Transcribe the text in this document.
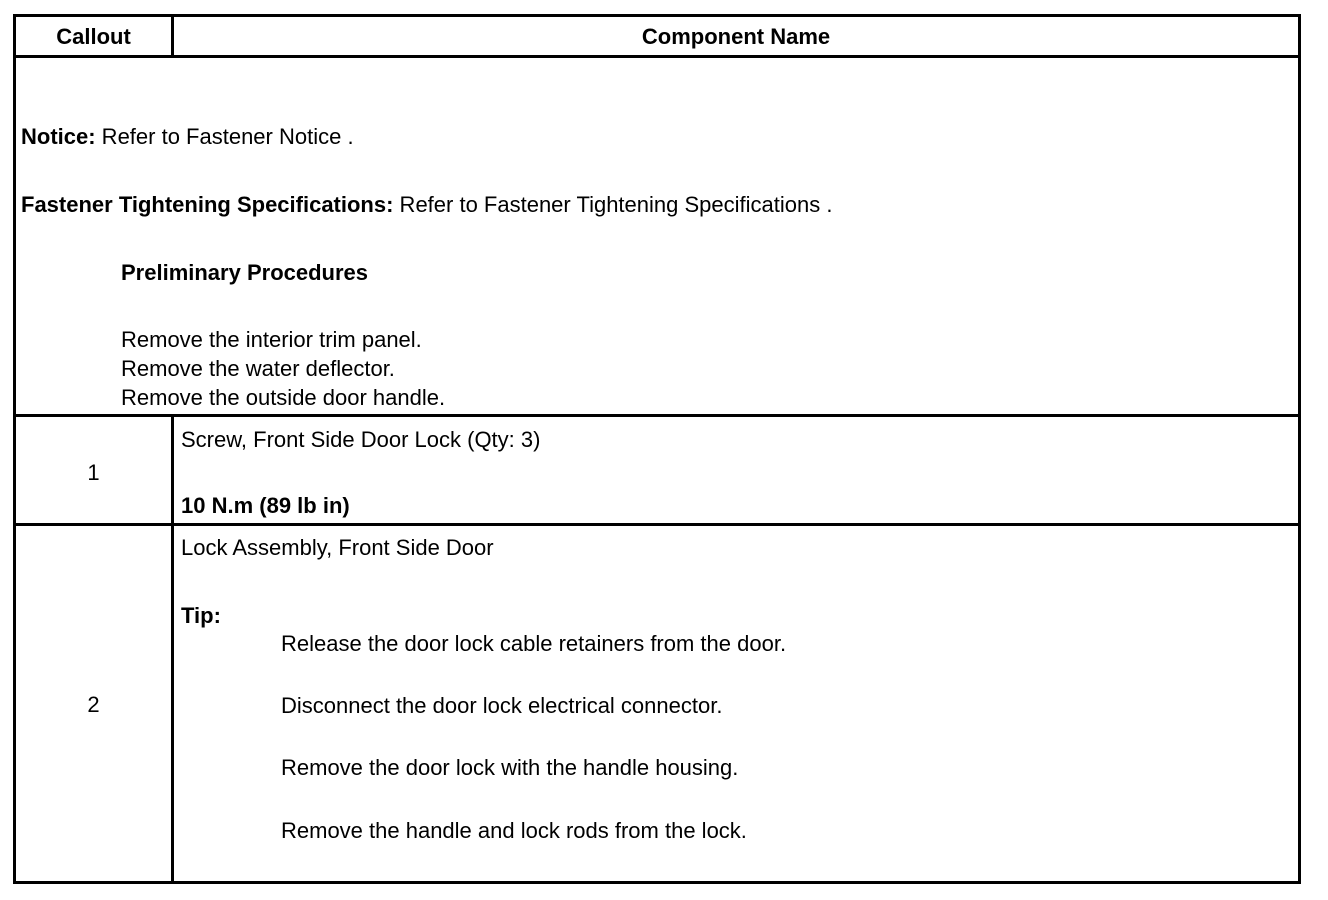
Callout	Component Name
Notice: Refer to Fastener Notice .
Fastener Tightening Specifications: Refer to Fastener Tightening Specifications .
Preliminary Procedures
Remove the interior trim panel.
Remove the water deflector.
Remove the outside door handle.
1
Screw, Front Side Door Lock (Qty: 3)
10 N.m (89 lb in)
2
Lock Assembly, Front Side Door
Tip:
Release the door lock cable retainers from the door.
Disconnect the door lock electrical connector.
Remove the door lock with the handle housing.
Remove the handle and lock rods from the lock.
